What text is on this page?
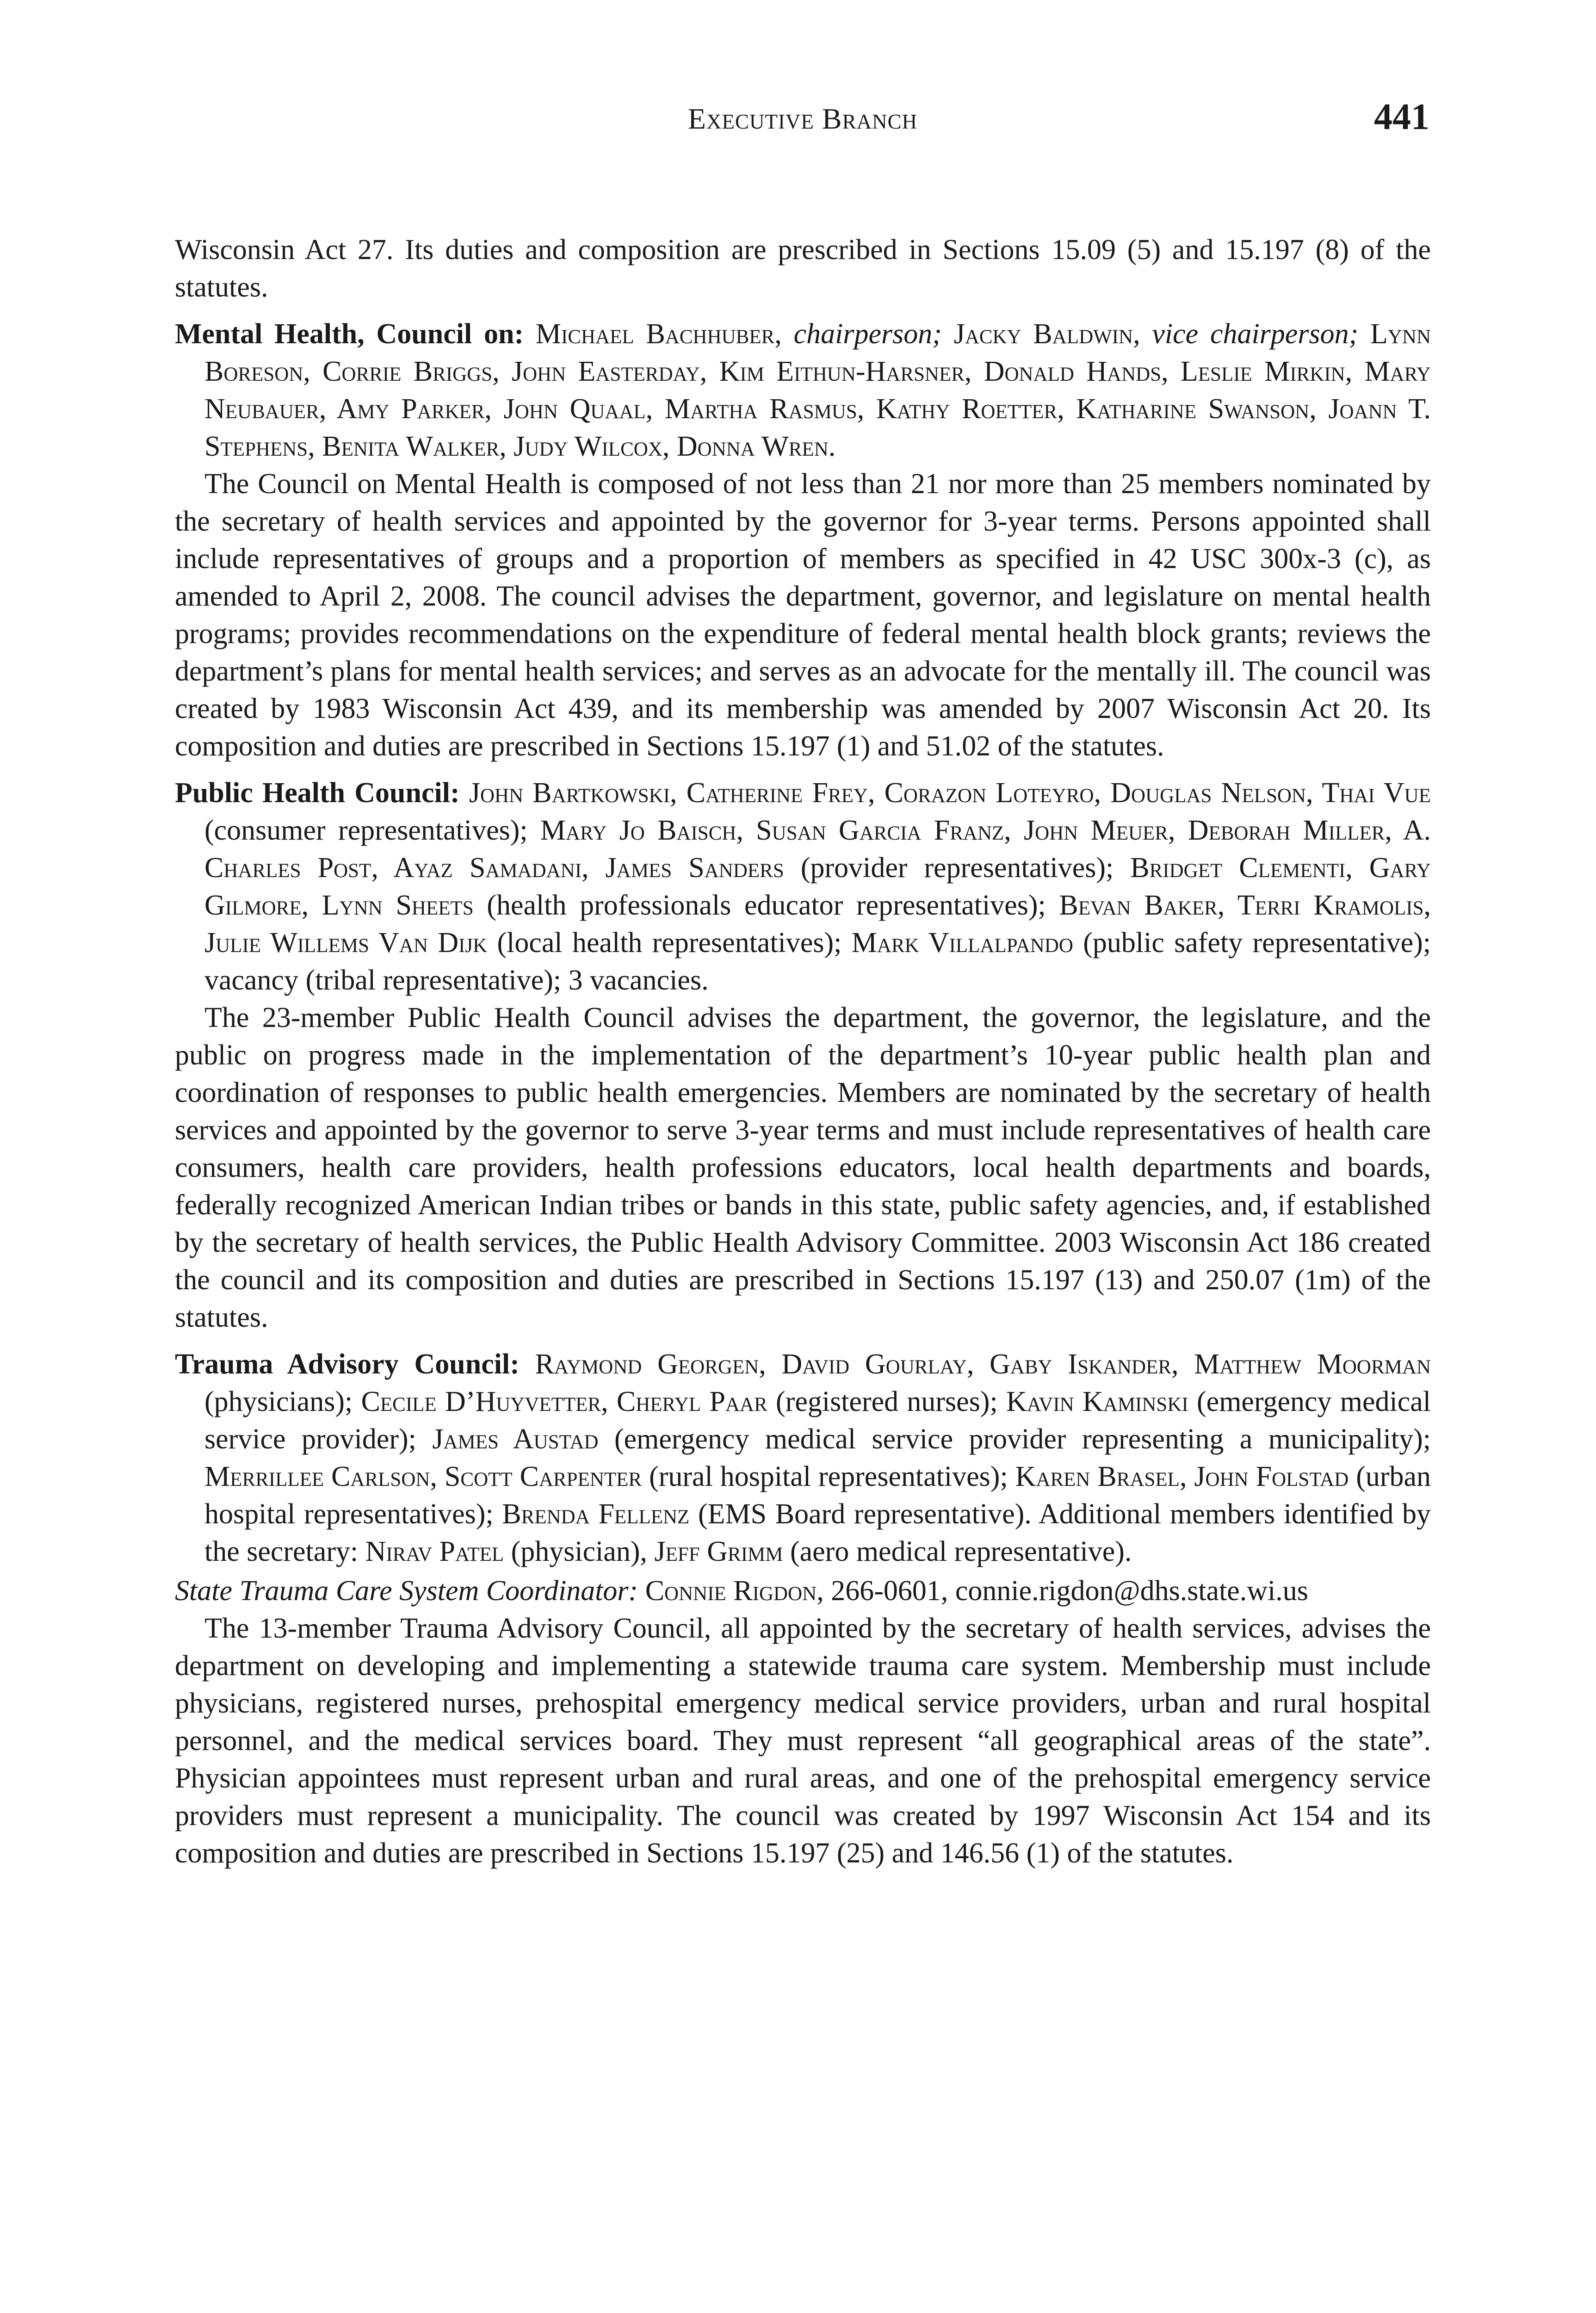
Executive Branch	441

Wisconsin Act 27. Its duties and composition are prescribed in Sections 15.09 (5) and 15.197 (8) of the statutes.

Mental Health, Council on: Michael Bachhuber, chairperson; Jacky Baldwin, vice chairperson; Lynn Boreson, Corrie Briggs, John Easterday, Kim Eithun-Harsner, Donald Hands, Leslie Mirkin, Mary Neubauer, Amy Parker, John Quaal, Martha Rasmus, Kathy Roetter, Katharine Swanson, Joann T. Stephens, Benita Walker, Judy Wilcox, Donna Wren.

The Council on Mental Health is composed of not less than 21 nor more than 25 members nominated by the secretary of health services and appointed by the governor for 3-year terms. Persons appointed shall include representatives of groups and a proportion of members as specified in 42 USC 300x-3 (c), as amended to April 2, 2008. The council advises the department, governor, and legislature on mental health programs; provides recommendations on the expenditure of federal mental health block grants; reviews the department’s plans for mental health services; and serves as an advocate for the mentally ill. The council was created by 1983 Wisconsin Act 439, and its membership was amended by 2007 Wisconsin Act 20. Its composition and duties are prescribed in Sections 15.197 (1) and 51.02 of the statutes.

Public Health Council: John Bartkowski, Catherine Frey, Corazon Loteyro, Douglas Nelson, Thai Vue (consumer representatives); Mary Jo Baisch, Susan Garcia Franz, John Meuer, Deborah Miller, A. Charles Post, Ayaz Samadani, James Sanders (provider representatives); Bridget Clementi, Gary Gilmore, Lynn Sheets (health professionals educator representatives); Bevan Baker, Terri Kramolis, Julie Willems Van Dijk (local health representatives); Mark Villalpando (public safety representative); vacancy (tribal representative); 3 vacancies.

The 23-member Public Health Council advises the department, the governor, the legislature, and the public on progress made in the implementation of the department’s 10-year public health plan and coordination of responses to public health emergencies. Members are nominated by the secretary of health services and appointed by the governor to serve 3-year terms and must include representatives of health care consumers, health care providers, health professions educators, local health departments and boards, federally recognized American Indian tribes or bands in this state, public safety agencies, and, if established by the secretary of health services, the Public Health Advisory Committee. 2003 Wisconsin Act 186 created the council and its composition and duties are prescribed in Sections 15.197 (13) and 250.07 (1m) of the statutes.

Trauma Advisory Council: Raymond Georgen, David Gourlay, Gaby Iskander, Matthew Moorman (physicians); Cecile D’Huyvetter, Cheryl Paar (registered nurses); Kavin Kaminski (emergency medical service provider); James Austad (emergency medical service provider representing a municipality); Merrillee Carlson, Scott Carpenter (rural hospital representatives); Karen Brasel, John Folstad (urban hospital representatives); Brenda Fellenz (EMS Board representative). Additional members identified by the secretary: Nirav Patel (physician), Jeff Grimm (aero medical representative).

State Trauma Care System Coordinator: Connie Rigdon, 266-0601, connie.rigdon@dhs.state.wi.us

The 13-member Trauma Advisory Council, all appointed by the secretary of health services, advises the department on developing and implementing a statewide trauma care system. Membership must include physicians, registered nurses, prehospital emergency medical service providers, urban and rural hospital personnel, and the medical services board. They must represent “all geographical areas of the state”. Physician appointees must represent urban and rural areas, and one of the prehospital emergency service providers must represent a municipality. The council was created by 1997 Wisconsin Act 154 and its composition and duties are prescribed in Sections 15.197 (25) and 146.56 (1) of the statutes.
